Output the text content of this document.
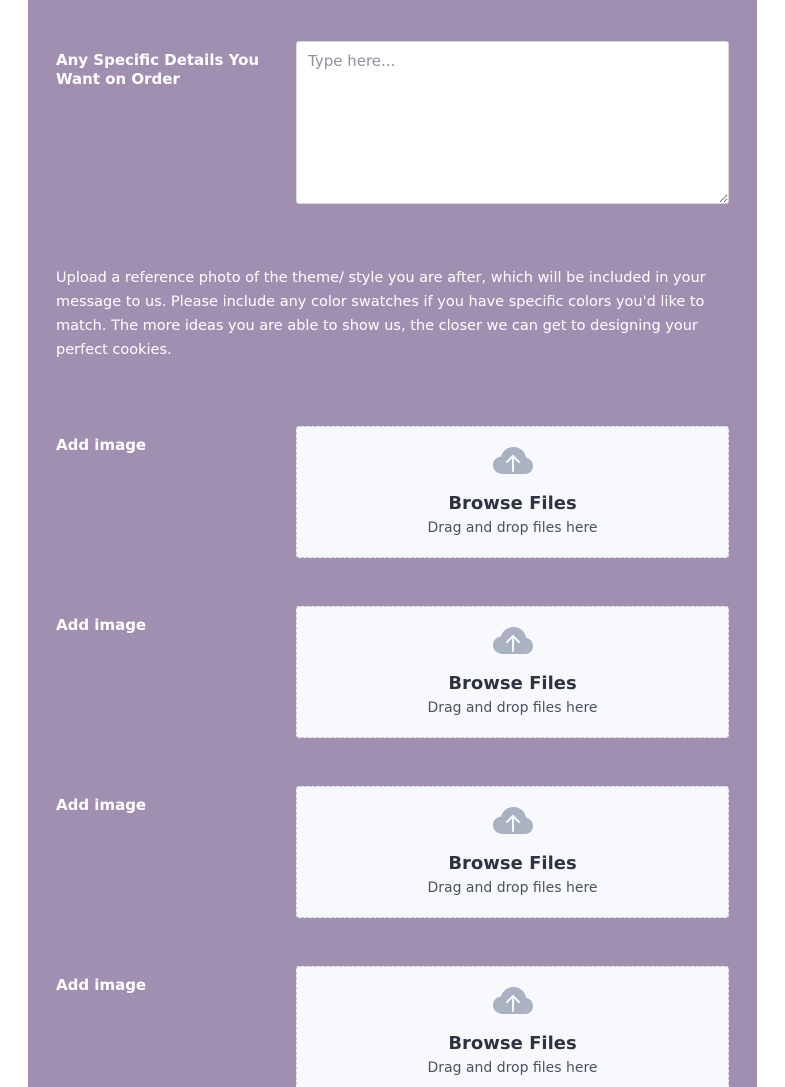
Any Specific Details You Want on Order
Type here...
Upload a reference photo of the theme/ style you are after, which will be included in your message to us. Please include any color swatches if you have specific colors you'd like to match. The more ideas you are able to show us, the closer we can get to designing your perfect cookies.
Add image
Browse Files
Drag and drop files here
Add image
Browse Files
Drag and drop files here
Add image
Browse Files
Drag and drop files here
Add image
Browse Files
Drag and drop files here
